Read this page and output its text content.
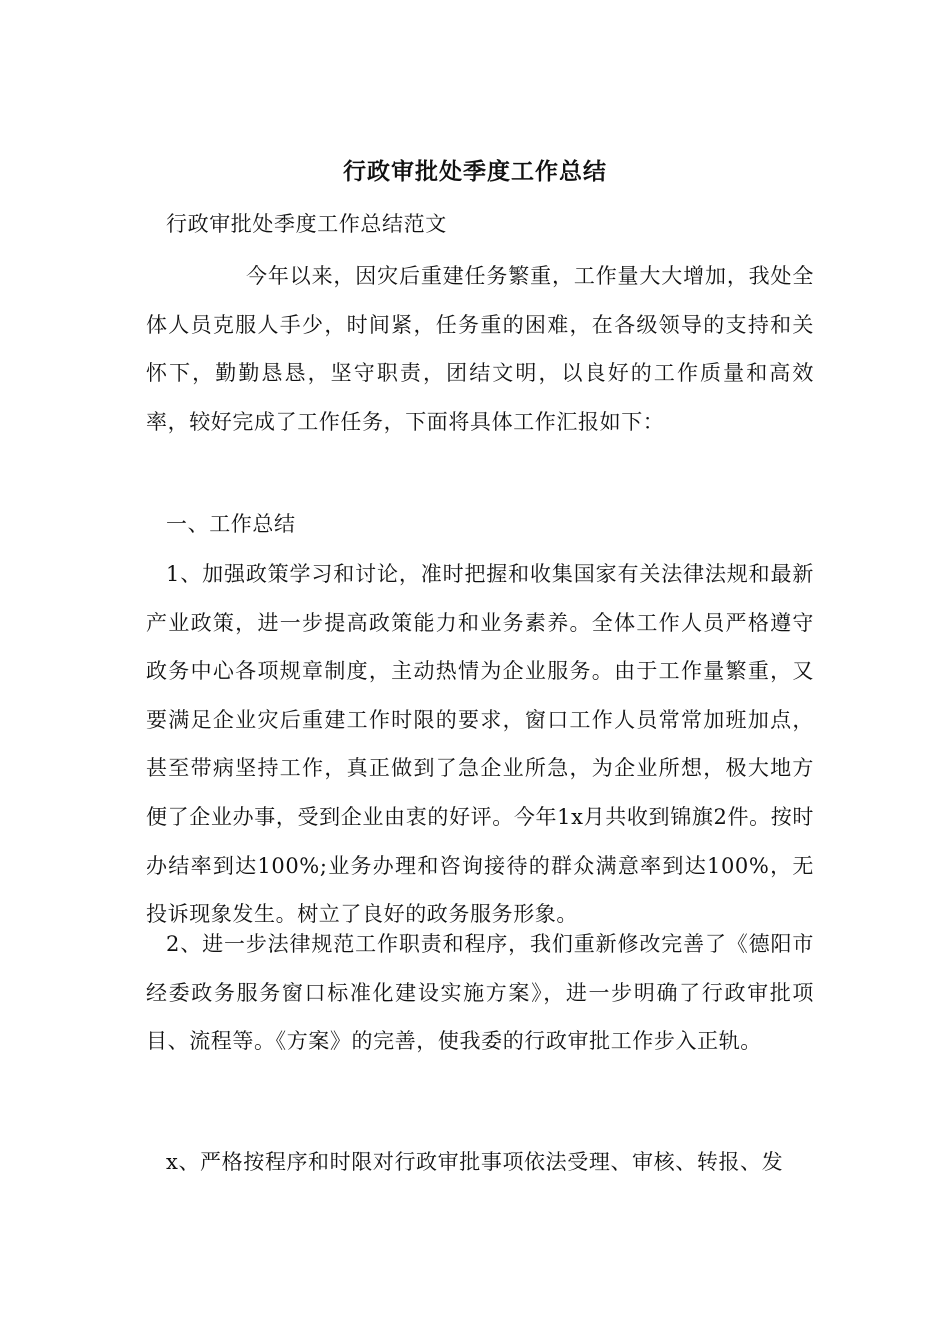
行政审批处季度工作总结
行政审批处季度工作总结范文
今年以来，因灾后重建任务繁重，工作量大大增加，我处全体人员克服人手少，时间紧，任务重的困难，在各级领导的支持和关怀下，勤勤恳恳，坚守职责，团结文明，以良好的工作质量和高效率，较好完成了工作任务，下面将具体工作汇报如下：
一、工作总结
1、加强政策学习和讨论，准时把握和收集国家有关法律法规和最新产业政策，进一步提高政策能力和业务素养。全体工作人员严格遵守政务中心各项规章制度，主动热情为企业服务。由于工作量繁重，又要满足企业灾后重建工作时限的要求，窗口工作人员常常加班加点，甚至带病坚持工作，真正做到了急企业所急，为企业所想，极大地方便了企业办事，受到企业由衷的好评。今年1x月共收到锦旗2件。按时办结率到达100%;业务办理和咨询接待的群众满意率到达100%，无投诉现象发生。树立了良好的政务服务形象。
2、进一步法律规范工作职责和程序，我们重新修改完善了《德阳市经委政务服务窗口标准化建设实施方案》，进一步明确了行政审批项目、流程等。《方案》的完善，使我委的行政审批工作步入正轨。
x、严格按程序和时限对行政审批事项依法受理、审核、转报、发
